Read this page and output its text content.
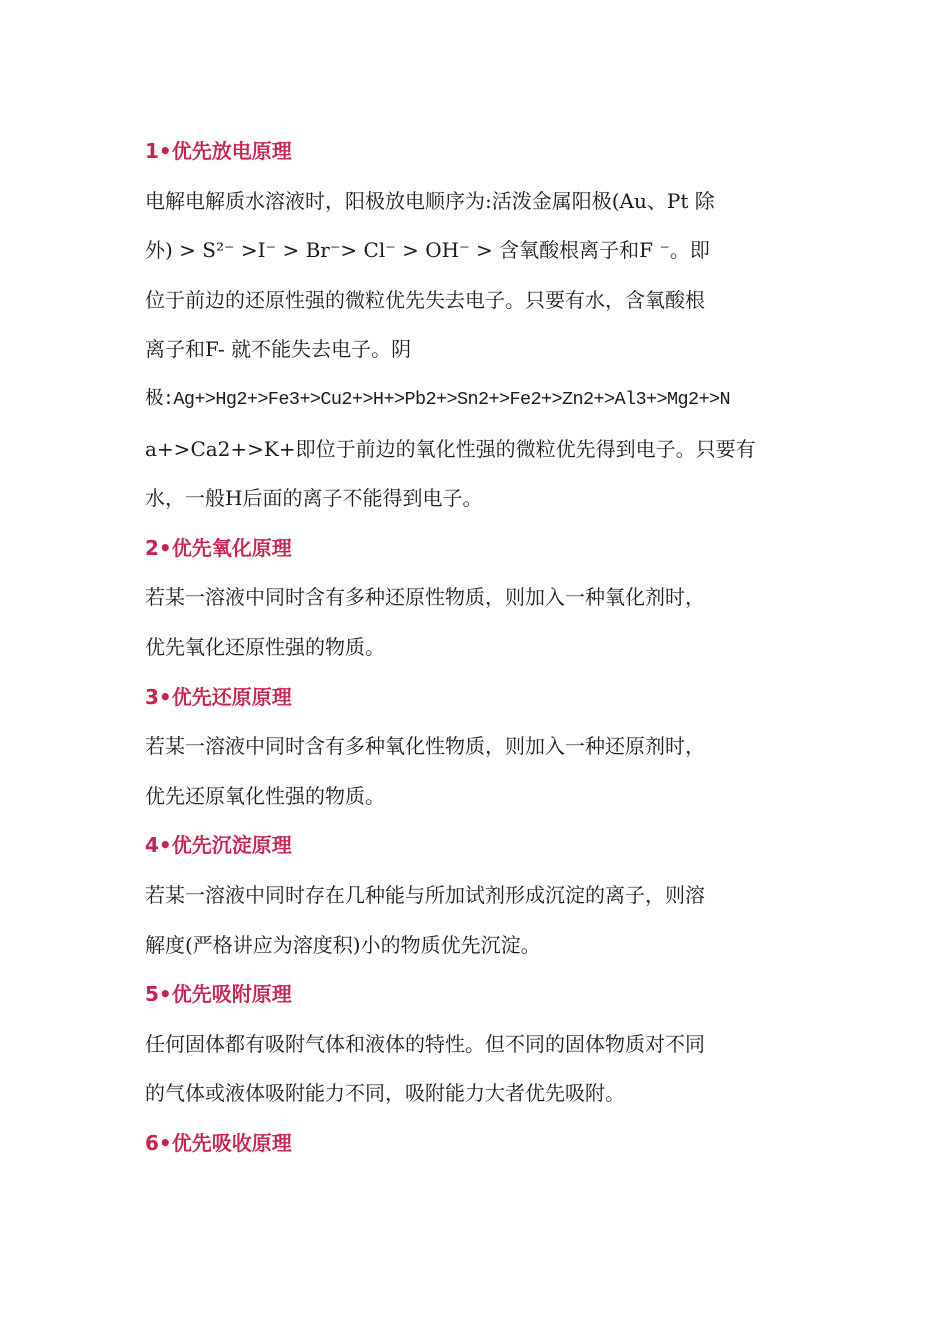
1•优先放电原理
电解电解质水溶液时，阳极放电顺序为:活泼金属阳极(Au、Pt 除
外) > S²⁻ >I⁻ > Br⁻> Cl⁻ > OH⁻ > 含氧酸根离子和F ⁻。即
位于前边的还原性强的微粒优先失去电子。只要有水，含氧酸根
离子和F- 就不能失去电子。阴
极:Ag+>Hg2+>Fe3+>Cu2+>H+>Pb2+>Sn2+>Fe2+>Zn2+>Al3+>Mg2+>N
a+>Ca2+>K+即位于前边的氧化性强的微粒优先得到电子。只要有
水，一般H后面的离子不能得到电子。
2•优先氧化原理
若某一溶液中同时含有多种还原性物质，则加入一种氧化剂时，
优先氧化还原性强的物质。
3•优先还原原理
若某一溶液中同时含有多种氧化性物质，则加入一种还原剂时，
优先还原氧化性强的物质。
4•优先沉淀原理
若某一溶液中同时存在几种能与所加试剂形成沉淀的离子，则溶
解度(严格讲应为溶度积)小的物质优先沉淀。
5•优先吸附原理
任何固体都有吸附气体和液体的特性。但不同的固体物质对不同
的气体或液体吸附能力不同，吸附能力大者优先吸附。
6•优先吸收原理
